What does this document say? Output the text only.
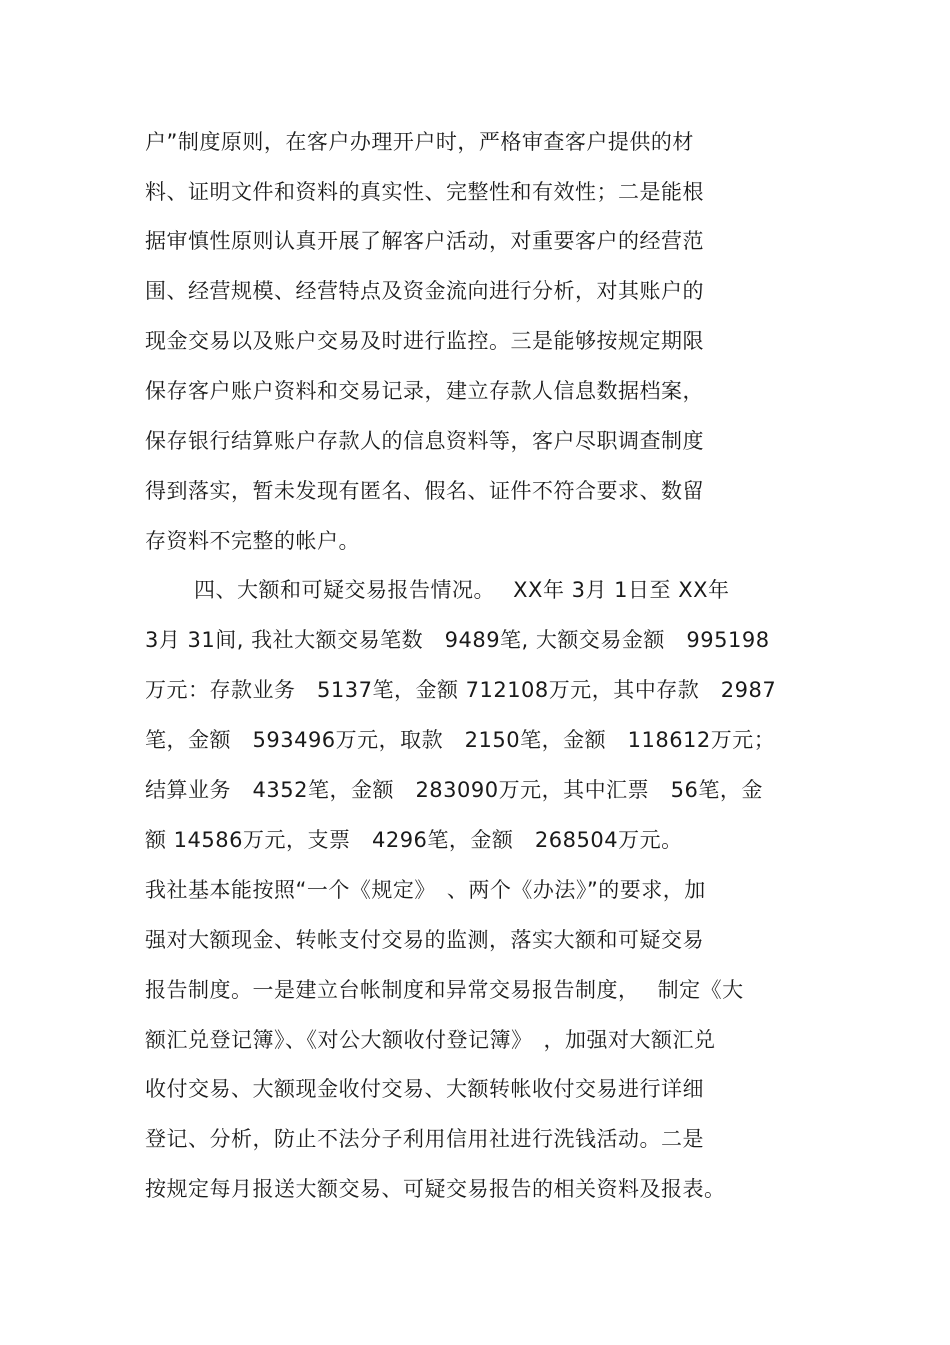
户”制度原则，在客户办理开户时，严格审查客户提供的材
料、证明文件和资料的真实性、完整性和有效性；二是能根
据审慎性原则认真开展了解客户活动，对重要客户的经营范
围、经营规模、经营特点及资金流向进行分析，对其账户的
现金交易以及账户交易及时进行监控。三是能够按规定期限
保存客户账户资料和交易记录，建立存款人信息数据档案，
保存银行结算账户存款人的信息资料等，客户尽职调查制度
得到落实，暂未发现有匿名、假名、证件不符合要求、数留
存资料不完整的帐户。
四、大额和可疑交易报告情况。　 XX年 3月 1日至 XX年
3月 31间, 我社大额交易笔数　9489笔, 大额交易金额　995198
万元：存款业务　5137笔，金额 712108万元，其中存款　2987
笔，金额　593496万元，取款　2150笔，金额　118612万元；
结算业务　4352笔，金额　283090万元，其中汇票　56笔，金
额 14586万元，支票　4296笔，金额　268504万元。
我社基本能按照“一个《规定》　、两个《办法》”的要求，加
强对大额现金、转帐支付交易的监测，落实大额和可疑交易
报告制度。一是建立台帐制度和异常交易报告制度，　 制定《大
额汇兑登记簿》、《对公大额收付登记簿》　，加强对大额汇兑
收付交易、大额现金收付交易、大额转帐收付交易进行详细
登记、分析，防止不法分子利用信用社进行洗钱活动。二是
按规定每月报送大额交易、可疑交易报告的相关资料及报表。
